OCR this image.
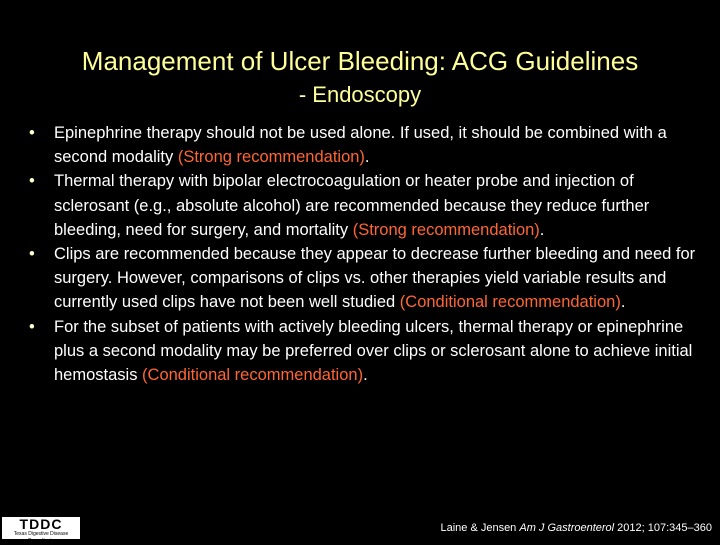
Management of Ulcer Bleeding: ACG Guidelines
- Endoscopy
• Epinephrine therapy should not be used alone. If used, it should be combined with a second modality (Strong recommendation).
• Thermal therapy with bipolar electrocoagulation or heater probe and injection of sclerosant (e.g., absolute alcohol) are recommended because they reduce further bleeding, need for surgery, and mortality (Strong recommendation).
• Clips are recommended because they appear to decrease further bleeding and need for surgery. However, comparisons of clips vs. other therapies yield variable results and currently used clips have not been well studied (Conditional recommendation).
• For the subset of patients with actively bleeding ulcers, thermal therapy or epinephrine plus a second modality may be preferred over clips or sclerosant alone to achieve initial hemostasis (Conditional recommendation).
TDDC
Texas Digestive Disease Consultants
Laine & Jensen Am J Gastroenterol 2012; 107:345–360
